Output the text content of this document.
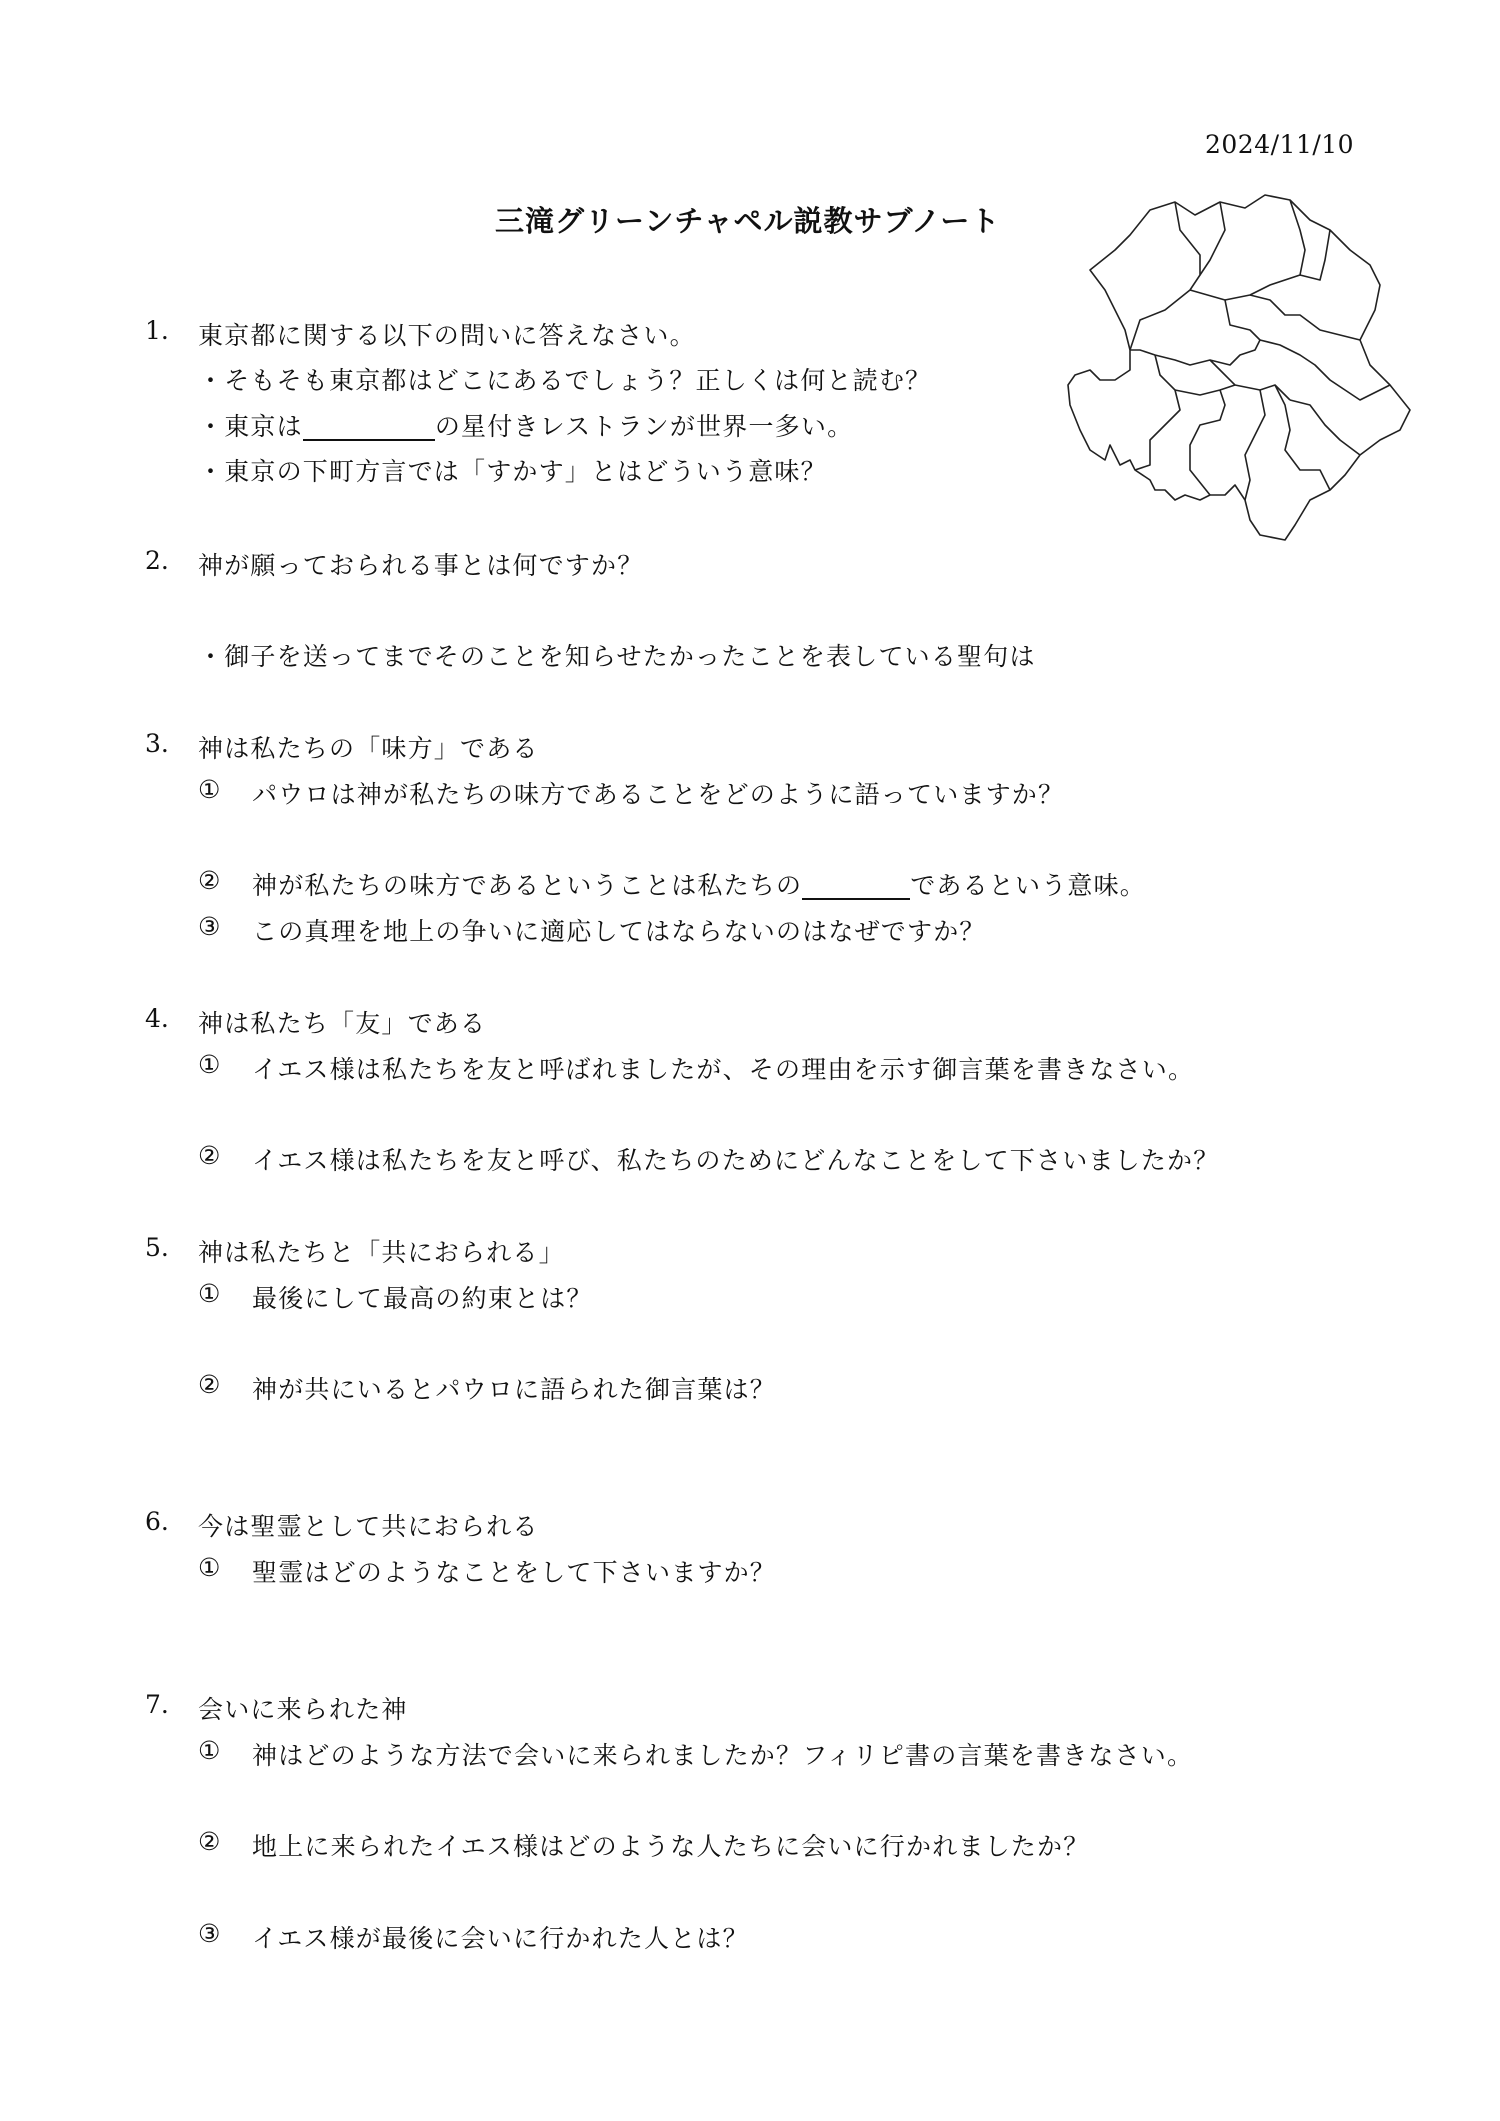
2024/11/10
三滝グリーンチャペル説教サブノート
1. 東京都に関する以下の問いに答えなさい。
・そもそも東京都はどこにあるでしょう？正しくは何と読む？
・東京は	の星付きレストランが世界一多い。
・東京の下町方言では「すかす」とはどういう意味？
2. 神が願っておられる事とは何ですか？
・御子を送ってまでそのことを知らせたかったことを表している聖句は
3. 神は私たちの「味方」である
① パウロは神が私たちの味方であることをどのように語っていますか？
② 神が私たちの味方であるということは私たちの	であるという意味。
③ この真理を地上の争いに適応してはならないのはなぜですか？
4. 神は私たち「友」である
① イエス様は私たちを友と呼ばれましたが、その理由を示す御言葉を書きなさい。
② イエス様は私たちを友と呼び、私たちのためにどんなことをして下さいましたか？
5. 神は私たちと「共におられる」
① 最後にして最高の約束とは？
② 神が共にいるとパウロに語られた御言葉は？
6. 今は聖霊として共におられる
① 聖霊はどのようなことをして下さいますか？
7. 会いに来られた神
① 神はどのような方法で会いに来られましたか？フィリピ書の言葉を書きなさい。
② 地上に来られたイエス様はどのような人たちに会いに行かれましたか？
③ イエス様が最後に会いに行かれた人とは？
